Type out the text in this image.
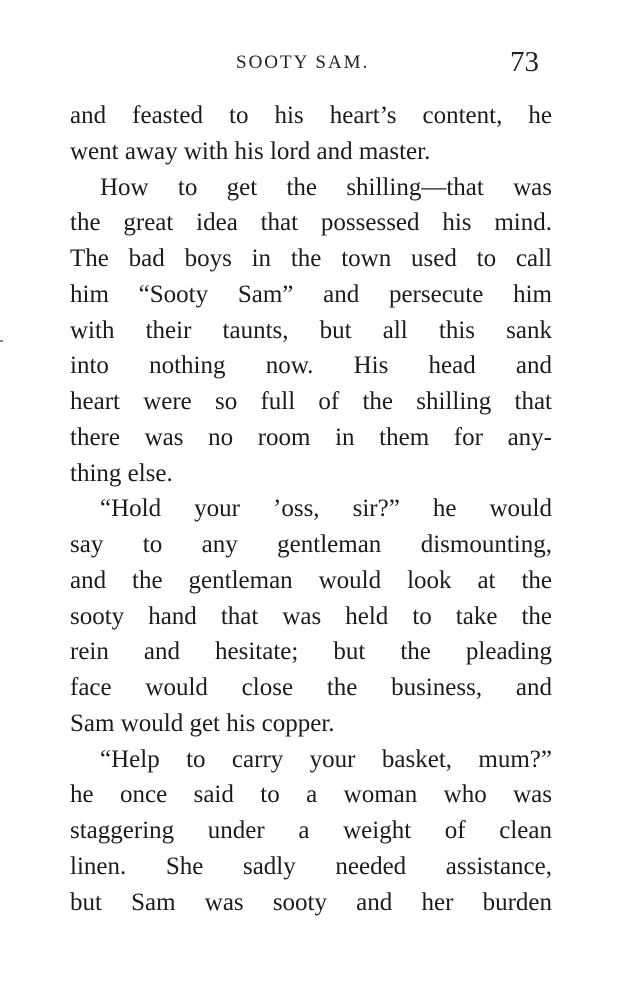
SOOTY SAM.	73
and feasted to his heart’s content, he
went away with his lord and master.
How to get the shilling—that was
the great idea that possessed his mind.
The bad boys in the town used to call
him “Sooty Sam” and persecute him
with their taunts, but all this sank
into nothing now. His head and
heart were so full of the shilling that
there was no room in them for any-
thing else.
“Hold your ’oss, sir?” he would
say to any gentleman dismounting,
and the gentleman would look at the
sooty hand that was held to take the
rein and hesitate; but the pleading
face would close the business, and
Sam would get his copper.
“Help to carry your basket, mum?”
he once said to a woman who was
staggering under a weight of clean
linen. She sadly needed assistance,
but Sam was sooty and her burden
